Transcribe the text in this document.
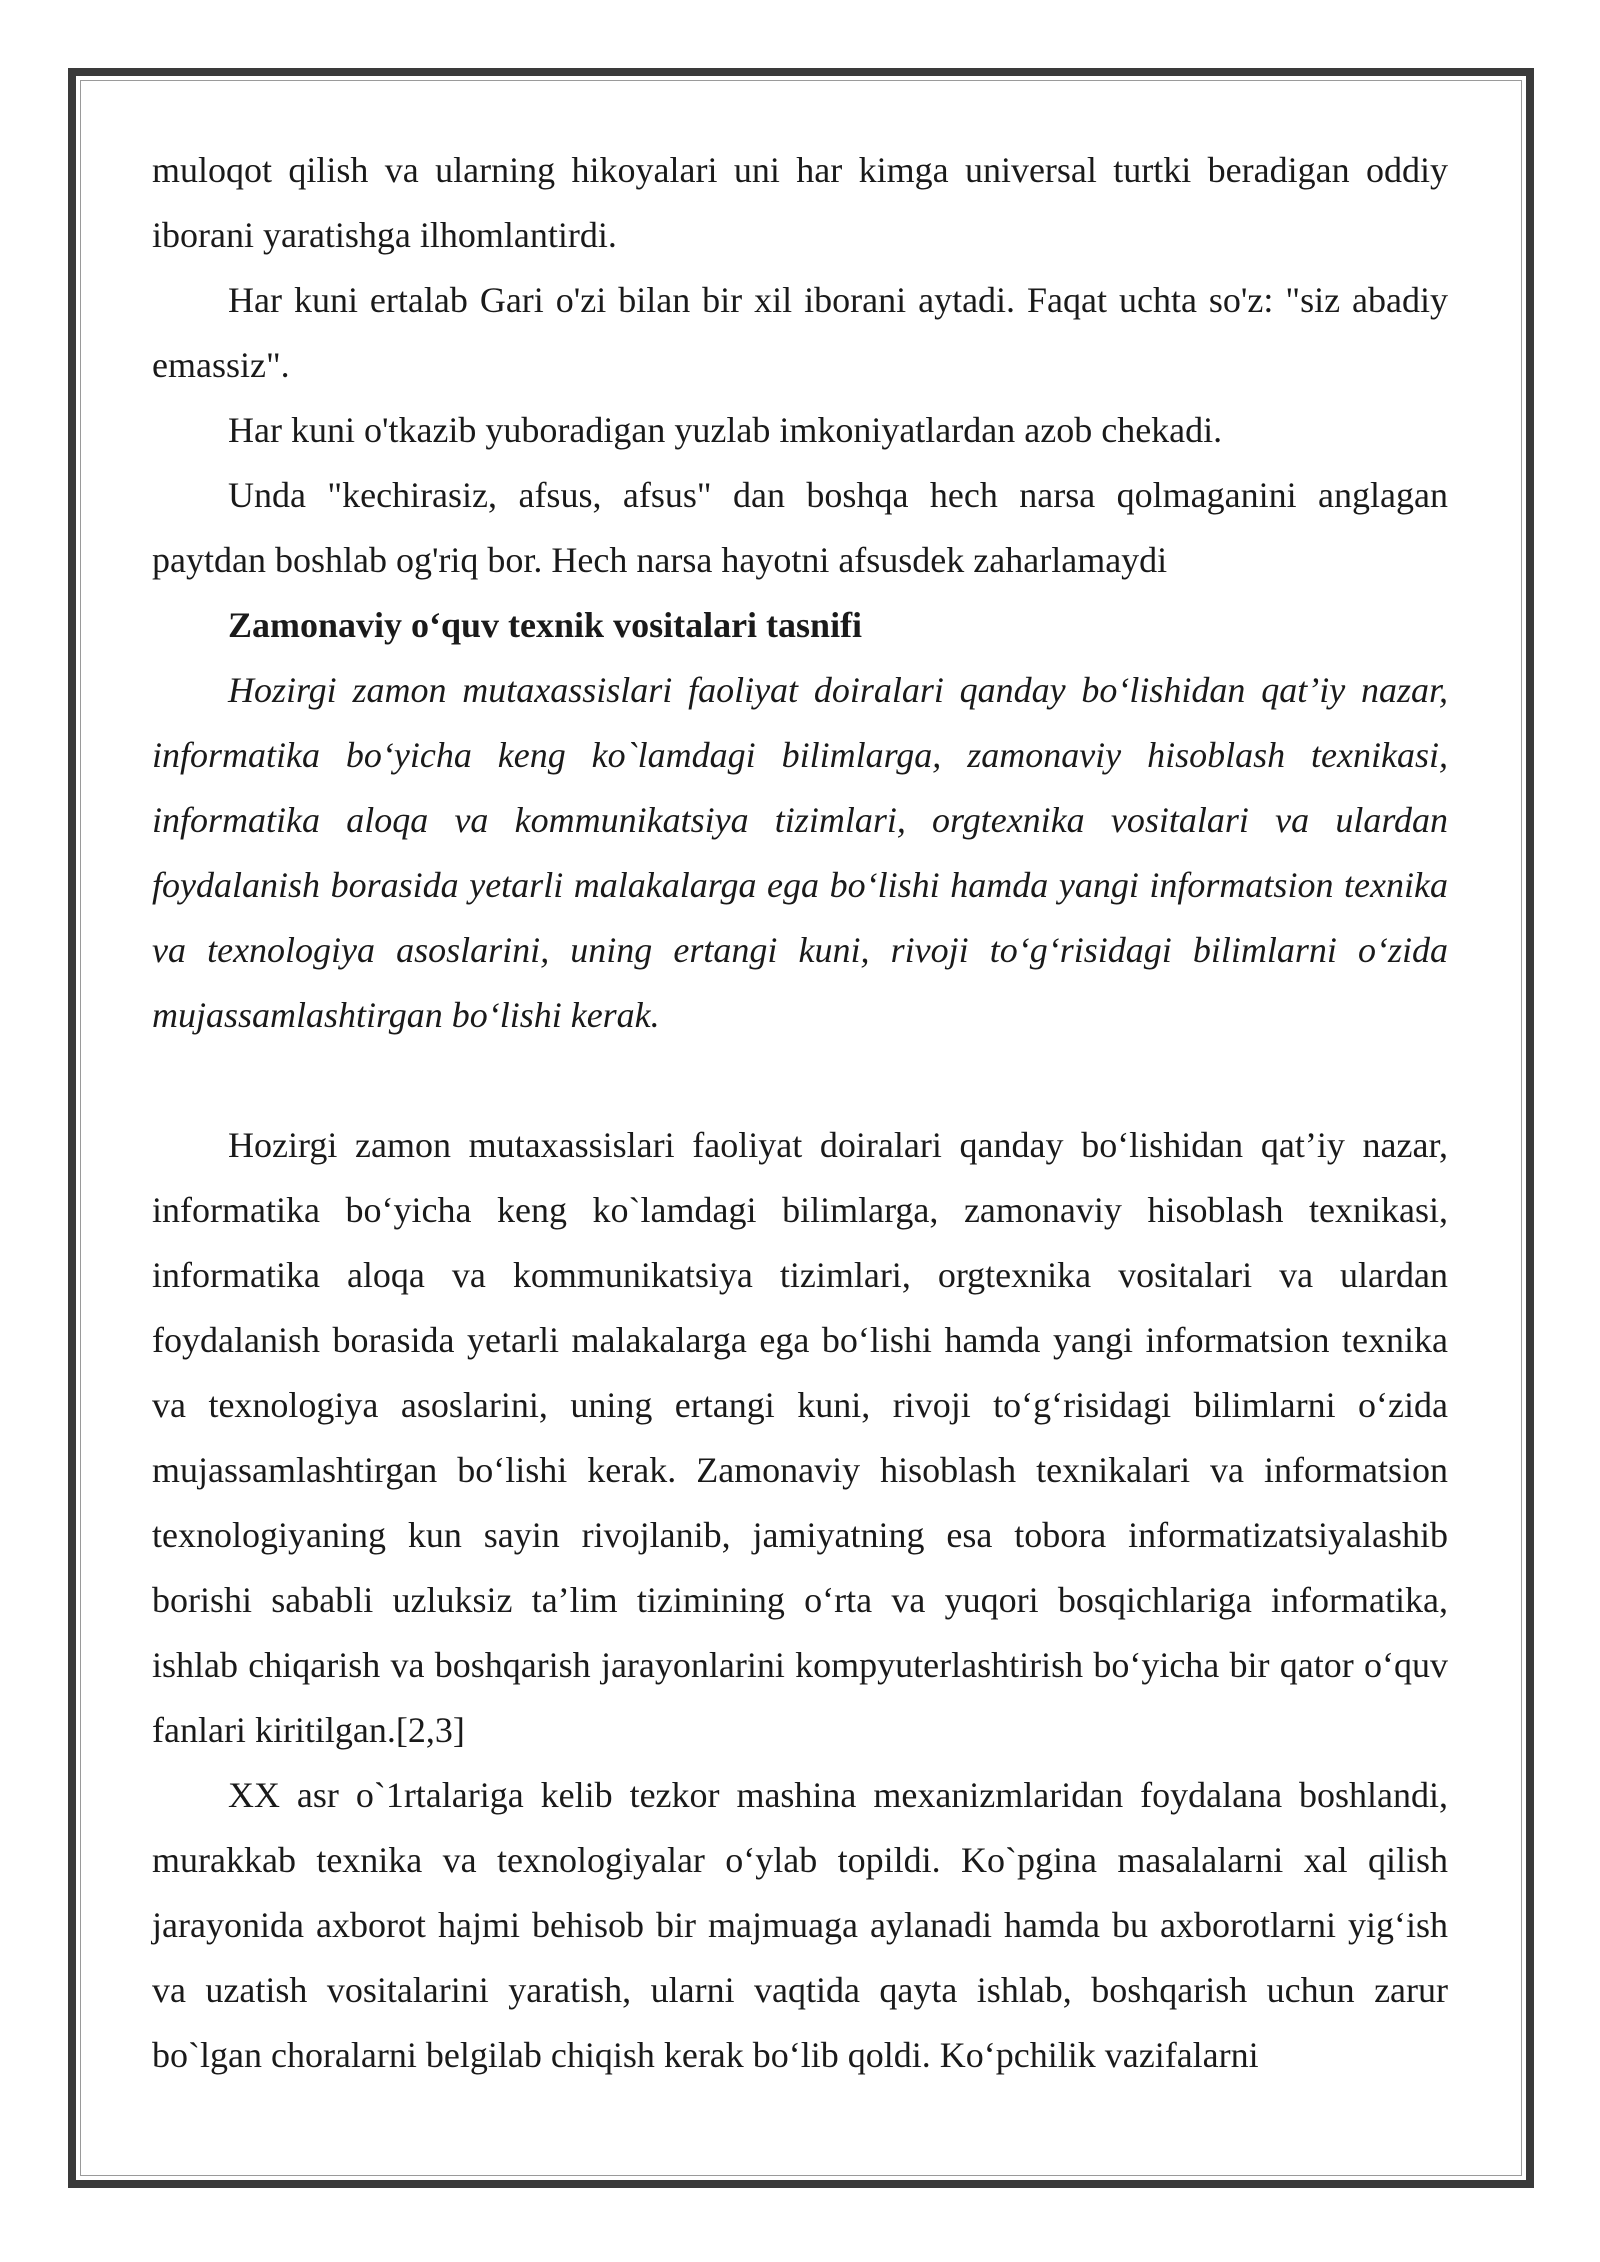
muloqot qilish va ularning hikoyalari uni har kimga universal turtki beradigan oddiy iborani yaratishga ilhomlantirdi.

Har kuni ertalab Gari o'zi bilan bir xil iborani aytadi. Faqat uchta so'z: "siz abadiy emassiz".

Har kuni o'tkazib yuboradigan yuzlab imkoniyatlardan azob chekadi.

Unda "kechirasiz, afsus, afsus" dan boshqa hech narsa qolmaganini anglagan paytdan boshlab og'riq bor. Hech narsa hayotni afsusdek zaharlamaydi

Zamonaviy o‘quv texnik vositalari tasnifi

Hozirgi zamon mutaxassislari faoliyat doiralari qanday bo‘lishidan qat’iy nazar, informatika bo‘yicha keng ko`lamdagi bilimlarga, zamonaviy hisoblash texnikasi, informatika aloqa va kommunikatsiya tizimlari, orgtexnika vositalari va ulardan foydalanish borasida yetarli malakalarga ega bo‘lishi hamda yangi informatsion texnika va texnologiya asoslarini, uning ertangi kuni, rivoji to‘g‘risidagi bilimlarni o‘zida mujassamlashtirgan bo‘lishi kerak.

Hozirgi zamon mutaxassislari faoliyat doiralari qanday bo‘lishidan qat’iy nazar, informatika bo‘yicha keng ko`lamdagi bilimlarga, zamonaviy hisoblash texnikasi, informatika aloqa va kommunikatsiya tizimlari, orgtexnika vositalari va ulardan foydalanish borasida yetarli malakalarga ega bo‘lishi hamda yangi informatsion texnika va texnologiya asoslarini, uning ertangi kuni, rivoji to‘g‘risidagi bilimlarni o‘zida mujassamlashtirgan bo‘lishi kerak. Zamonaviy hisoblash texnikalari va informatsion texnologiyaning kun sayin rivojlanib, jamiyatning esa tobora informatizatsiyalashib borishi sababli uzluksiz ta’lim tizimining o‘rta va yuqori bosqichlariga informatika, ishlab chiqarish va boshqarish jarayonlarini kompyuterlashtirish bo‘yicha bir qator o‘quv fanlari kiritilgan.[2,3]

XX asr o`1rtalariga kelib tezkor mashina mexanizmlaridan foydalana boshlandi, murakkab texnika va texnologiyalar o‘ylab topildi. Ko`pgina masalalarni xal qilish jarayonida axborot hajmi behisob bir majmuaga aylanadi hamda bu axborotlarni yig‘ish va uzatish vositalarini yaratish, ularni vaqtida qayta ishlab, boshqarish uchun zarur bo`lgan choralarni belgilab chiqish kerak bo‘lib qoldi. Ko‘pchilik vazifalarni
